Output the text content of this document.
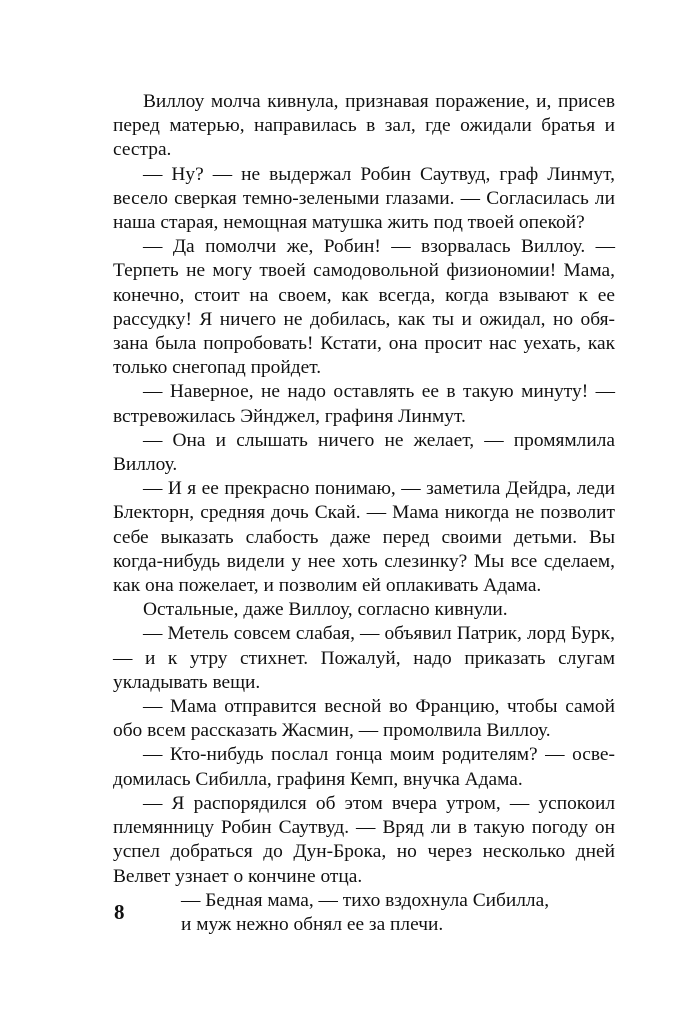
Виллоу молча кивнула, признавая поражение, и, присев перед матерью, направилась в зал, где ожидали братья и сестра.

— Ну? — не выдержал Робин Саутвуд, граф Линмут, весело сверкая темно-зелеными глазами. — Согласилась ли наша старая, немощная матушка жить под твоей опекой?

— Да помолчи же, Робин! — взорвалась Виллоу. — Терпеть не могу твоей самодовольной физиономии! Мама, конечно, стоит на своем, как всегда, когда взывают к ее рассудку! Я ничего не добилась, как ты и ожидал, но обязана была попробовать! Кстати, она просит нас уехать, как только снегопад пройдет.

— Наверное, не надо оставлять ее в такую минуту! — встревожилась Эйнджел, графиня Линмут.

— Она и слышать ничего не желает, — промямлила Виллоу.

— И я ее прекрасно понимаю, — заметила Дейдра, леди Блекторн, средняя дочь Скай. — Мама никогда не позволит себе выказать слабость даже перед своими детьми. Вы когда-нибудь видели у нее хоть слезинку? Мы все сделаем, как она пожелает, и позволим ей оплакивать Адама.

Остальные, даже Виллоу, согласно кивнули.

— Метель совсем слабая, — объявил Патрик, лорд Бурк, — и к утру стихнет. Пожалуй, надо приказать слугам укладывать вещи.

— Мама отправится весной во Францию, чтобы самой обо всем рассказать Жасмин, — промолвила Виллоу.

— Кто-нибудь послал гонца моим родителям? — осведомилась Сибилла, графиня Кемп, внучка Адама.

— Я распорядился об этом вчера утром, — успокоил племянницу Робин Саутвуд. — Вряд ли в такую погоду он успел добраться до Дун-Брока, но через несколько дней Велвет узнает о кончине отца.

— Бедная мама, — тихо вздохнула Сибилла,
и муж нежно обнял ее за плечи.

8
